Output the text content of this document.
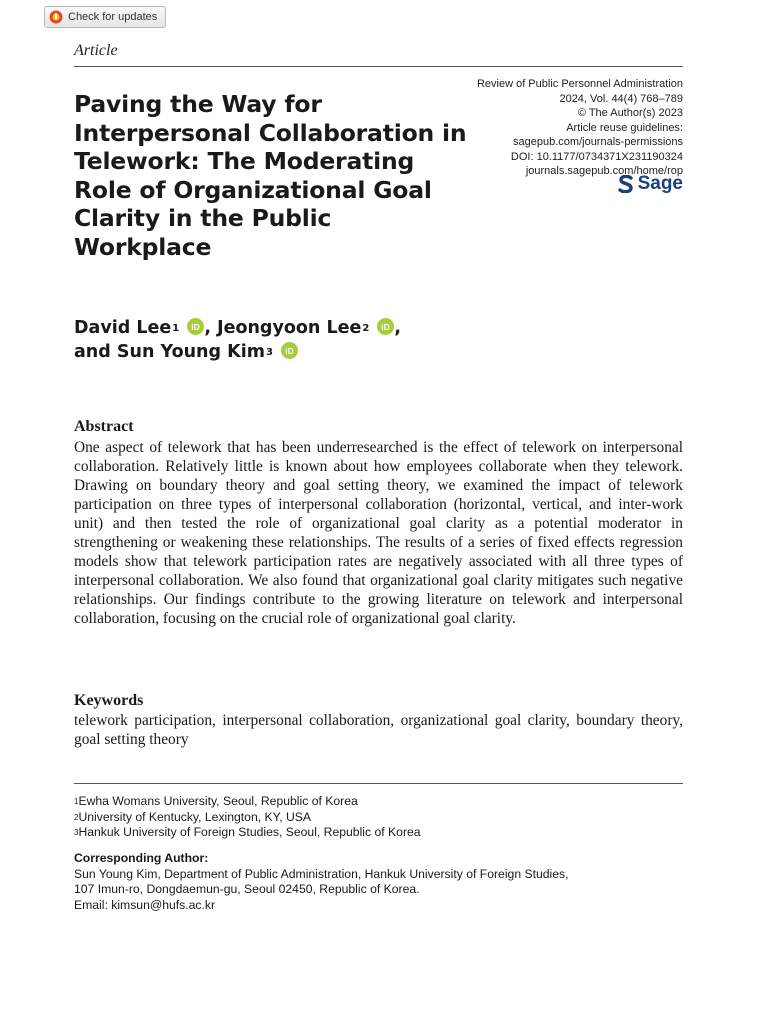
Check for updates
Article
Review of Public Personnel Administration
2024, Vol. 44(4) 768–789
© The Author(s) 2023
Article reuse guidelines:
sagepub.com/journals-permissions
DOI: 10.1177/0734371X231190324
journals.sagepub.com/home/rop
Sage
Paving the Way for Interpersonal Collaboration in Telework: The Moderating Role of Organizational Goal Clarity in the Public Workplace
David Lee$^1$ iD , Jeongyoon Lee$^2$ iD ,
and Sun Young Kim$^3$ iD
Abstract

One aspect of telework that has been underresearched is the effect of telework on interpersonal collaboration. Relatively little is known about how employees collaborate when they telework. Drawing on boundary theory and goal setting theory, we examined the impact of telework participation on three types of interpersonal collaboration (horizontal, vertical, and inter-work unit) and then tested the role of organizational goal clarity as a potential moderator in strengthening or weakening these relationships. The results of a series of fixed effects regression models show that telework participation rates are negatively associated with all three types of interpersonal collaboration. We also found that organizational goal clarity mitigates such negative relationships. Our findings contribute to the growing literature on telework and interpersonal collaboration, focusing on the crucial role of organizational goal clarity.

Keywords

telework participation, interpersonal collaboration, organizational goal clarity, boundary theory, goal setting theory

$^1$Ewha Womans University, Seoul, Republic of Korea
$^2$University of Kentucky, Lexington, KY, USA
$^3$Hankuk University of Foreign Studies, Seoul, Republic of Korea
Corresponding Author:
Sun Young Kim, Department of Public Administration, Hankuk University of Foreign Studies,
107 Imun-ro, Dongdaemun-gu, Seoul 02450, Republic of Korea.
Email: kimsun@hufs.ac.kr
